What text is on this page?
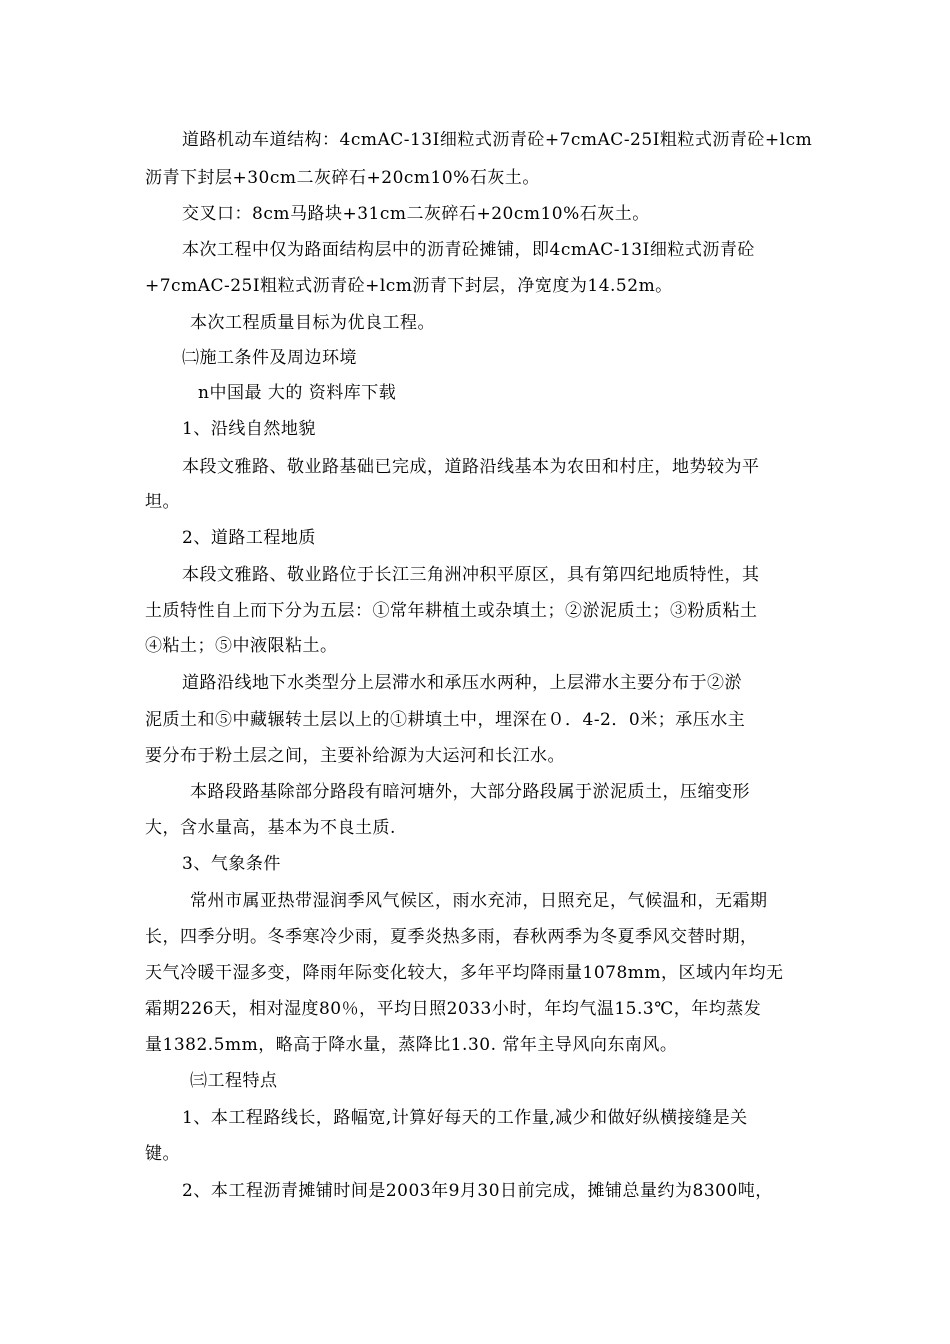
道路机动车道结构：4cmAC-13I细粒式沥青砼+7cmAC-25I粗粒式沥青砼+lcm
沥青下封层+30cm二灰碎石+20cm10%石灰土。
交叉口：8cm马路块+31cm二灰碎石+20cm10%石灰土。
本次工程中仅为路面结构层中的沥青砼摊铺，即4cmAC-13I细粒式沥青砼
+7cmAC-25I粗粒式沥青砼+lcm沥青下封层，净宽度为14.52m。
本次工程质量目标为优良工程。
㈡施工条件及周边环境
n中国最 大的 资料库下载
1、沿线自然地貌
本段文雅路、敬业路基础已完成，道路沿线基本为农田和村庄，地势较为平
坦。
2、道路工程地质
本段文雅路、敬业路位于长江三角洲冲积平原区，具有第四纪地质特性，其
土质特性自上而下分为五层：①常年耕植土或杂填土；②淤泥质土；③粉质粘土
④粘土；⑤中液限粘土。
道路沿线地下水类型分上层滞水和承压水两种，上层滞水主要分布于②淤
泥质土和⑤中藏辗转土层以上的①耕填土中，埋深在０．4-2．0米；承压水主
要分布于粉土层之间，主要补给源为大运河和长江水。
本路段路基除部分路段有暗河塘外，大部分路段属于淤泥质土，压缩变形
大，含水量高，基本为不良土质.
3、气象条件
常州市属亚热带湿润季风气候区，雨水充沛，日照充足，气候温和，无霜期
长，四季分明。冬季寒冷少雨，夏季炎热多雨，春秋两季为冬夏季风交替时期，
天气冷暖干湿多变，降雨年际变化较大，多年平均降雨量1078mm，区域内年均无
霜期226天，相对湿度80％，平均日照2033小时，年均气温15.3℃，年均蒸发
量1382.5mm，略高于降水量，蒸降比1.30. 常年主导风向东南风。
㈢工程特点
1、本工程路线长，路幅宽,计算好每天的工作量,减少和做好纵横接缝是关
键。
2、本工程沥青摊铺时间是2003年9月30日前完成，摊铺总量约为8300吨，
